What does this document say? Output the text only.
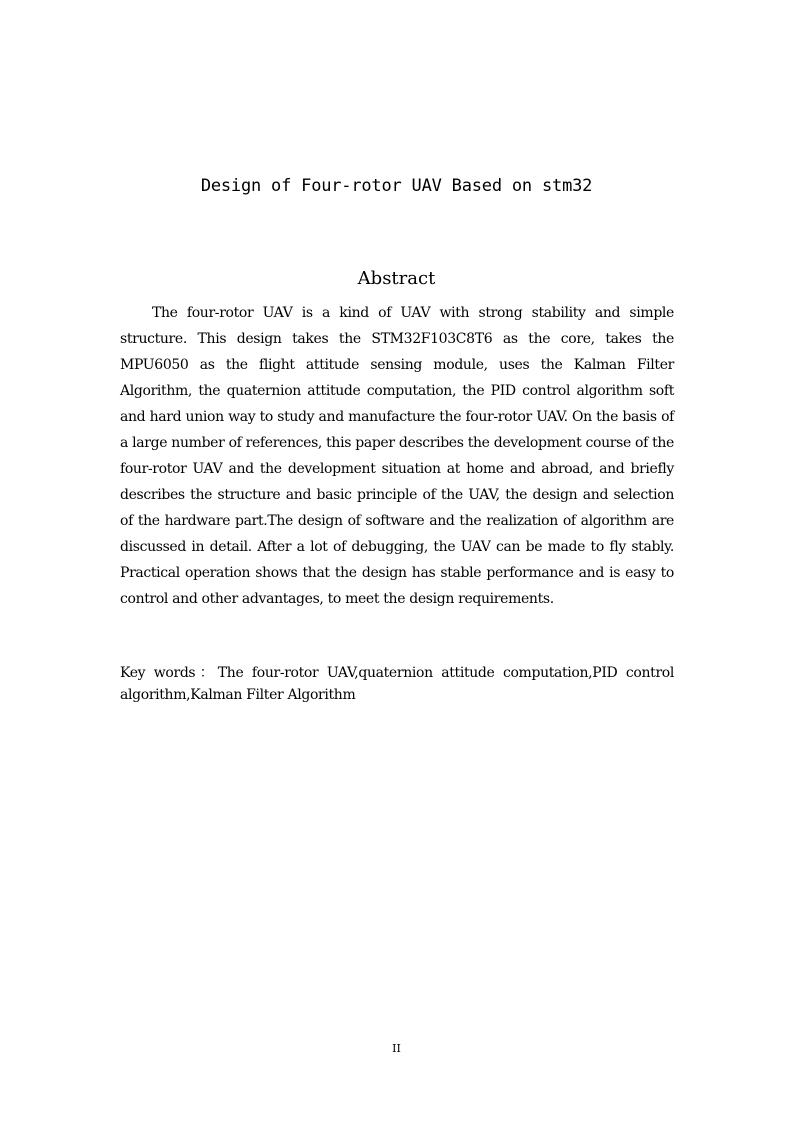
Design of Four-rotor UAV Based on stm32
Abstract

The four-rotor UAV is a kind of UAV with strong stability and simple structure. This design takes the STM32F103C8T6 as the core, takes the MPU6050 as the flight attitude sensing module, uses the Kalman Filter Algorithm, the quaternion attitude computation, the PID control algorithm soft and hard union way to study and manufacture the four-rotor UAV. On the basis of a large number of references, this paper describes the development course of the four-rotor UAV and the development situation at home and abroad, and briefly describes the structure and basic principle of the UAV, the design and selection of the hardware part.The design of software and the realization of algorithm are discussed in detail. After a lot of debugging, the UAV can be made to fly stably. Practical operation shows that the design has stable performance and is easy to control and other advantages, to meet the design requirements.

Key words：The four-rotor UAV,quaternion attitude computation,PID control algorithm,Kalman Filter Algorithm

II
